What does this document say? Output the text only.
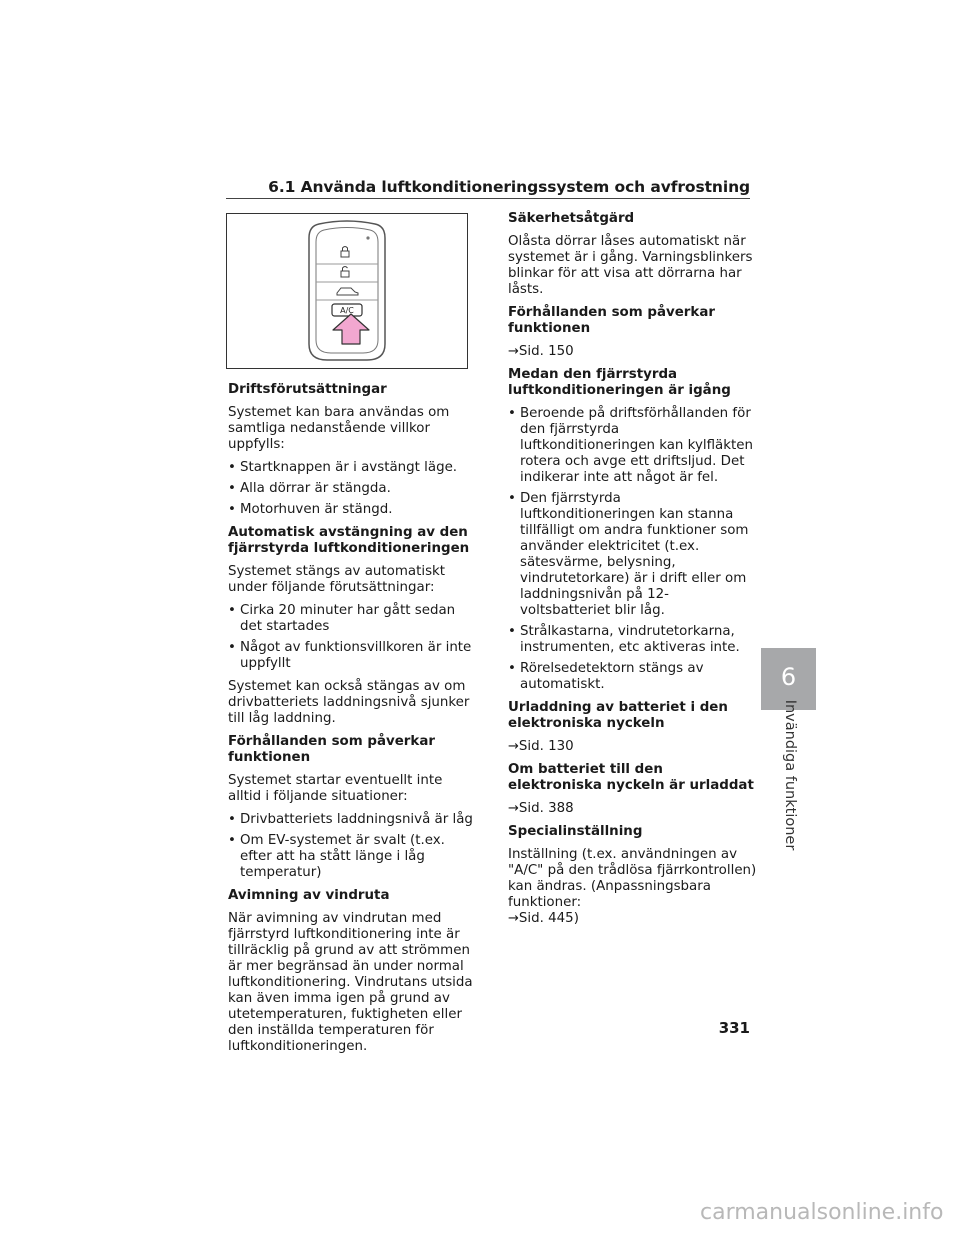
6.1 Använda luftkonditioneringssystem och avfrostning
A/C
Driftsförutsättningar

Systemet kan bara användas om samtliga nedanstående villkor uppfylls:

• Startknappen är i avstängt läge.
• Alla dörrar är stängda.
• Motorhuven är stängd.
Automatisk avstängning av den fjärrstyrda luftkonditioneringen

Systemet stängs av automatiskt under följande förutsättningar:

• Cirka 20 minuter har gått sedan det startades
• Något av funktionsvillkoren är inte uppfyllt

Systemet kan också stängas av om drivbatteriets laddningsnivå sjunker till låg laddning.

Förhållanden som påverkar funktionen

Systemet startar eventuellt inte alltid i följande situationer:

• Drivbatteriets laddningsnivå är låg
• Om EV-systemet är svalt (t.ex. efter att ha stått länge i låg temperatur)
Avimning av vindruta

När avimning av vindrutan med fjärrstyrd luftkonditionering inte är tillräcklig på grund av att strömmen är mer begränsad än under normal luftkonditionering. Vindrutans utsida kan även imma igen på grund av utetemperaturen, fuktigheten eller den inställda temperaturen för luftkonditioneringen.

Säkerhetsåtgärd

Olåsta dörrar låses automatiskt när systemet är i gång. Varningsblinkers blinkar för att visa att dörrarna har låsts.

Förhållanden som påverkar funktionen

→Sid. 150

Medan den fjärrstyrda luftkonditioneringen är igång
• Beroende på driftsförhållanden för den fjärrstyrda luftkonditioneringen kan kylfläkten rotera och avge ett driftsljud. Det indikerar inte att något är fel.
• Den fjärrstyrda luftkonditioneringen kan stanna tillfälligt om andra funktioner som använder elektricitet (t.ex. sätesvärme, belysning, vindrutetorkare) är i drift eller om laddningsnivån på 12-voltsbatteriet blir låg.
• Strålkastarna, vindrutetorkarna, instrumenten, etc aktiveras inte.
• Rörelsedetektorn stängs av automatiskt.
Urladdning av batteriet i den elektroniska nyckeln

→Sid. 130

Om batteriet till den elektroniska nyckeln är urladdat

→Sid. 388

Specialinställning

Inställning (t.ex. användningen av "A/C" på den trådlösa fjärrkontrollen) kan ändras. (Anpassningsbara funktioner:
→Sid. 445)

6
Invändiga funktioner
331
carmanualsonline.info
